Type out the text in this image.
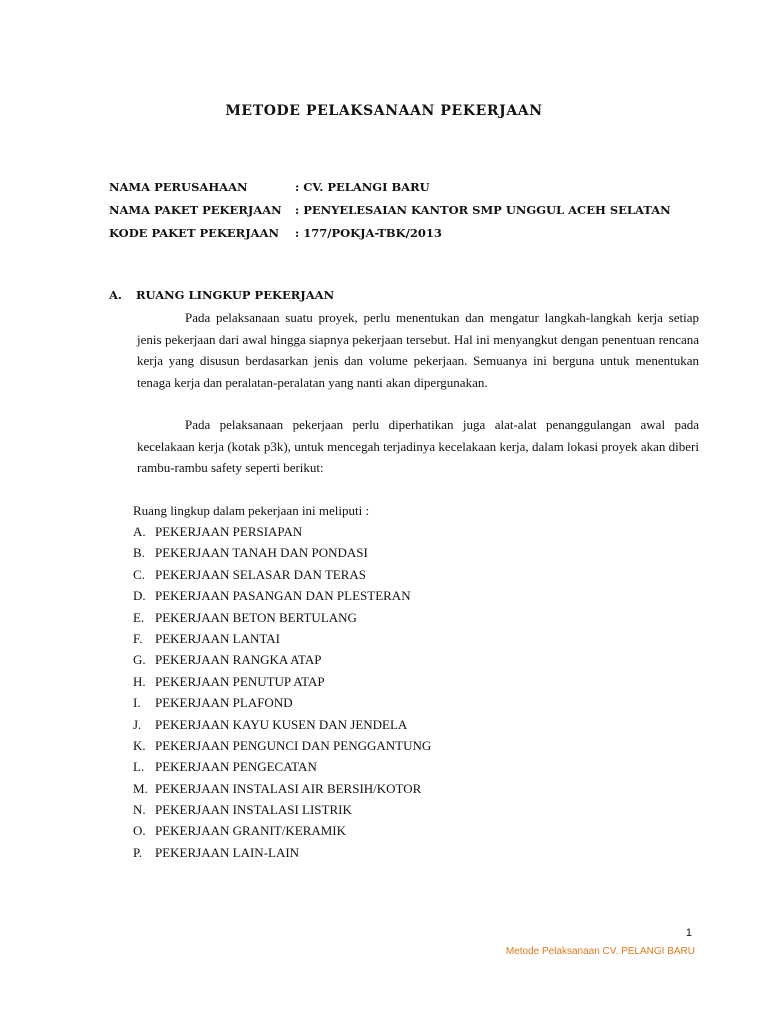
METODE PELAKSANAAN PEKERJAAN
NAMA PERUSAHAAN	: CV. PELANGI BARU
NAMA PAKET PEKERJAAN	: PENYELESAIAN KANTOR SMP UNGGUL ACEH SELATAN
KODE PAKET PEKERJAAN	: 177/POKJA-TBK/2013
A.	RUANG LINGKUP PEKERJAAN
Pada pelaksanaan suatu proyek, perlu menentukan dan mengatur langkah-langkah kerja setiap jenis pekerjaan dari awal hingga siapnya pekerjaan tersebut. Hal ini menyangkut dengan penentuan rencana kerja yang disusun berdasarkan jenis dan volume pekerjaan. Semuanya ini berguna untuk menentukan tenaga kerja dan peralatan-peralatan yang nanti akan dipergunakan.
Pada pelaksanaan pekerjaan perlu diperhatikan juga alat-alat penanggulangan awal pada kecelakaan kerja (kotak p3k), untuk mencegah terjadinya kecelakaan kerja, dalam lokasi proyek akan diberi rambu-rambu safety seperti berikut:
Ruang lingkup dalam pekerjaan ini meliputi :
A. PEKERJAAN PERSIAPAN
B. PEKERJAAN TANAH DAN PONDASI
C. PEKERJAAN SELASAR DAN TERAS
D. PEKERJAAN PASANGAN DAN PLESTERAN
E. PEKERJAAN BETON BERTULANG
F. PEKERJAAN LANTAI
G. PEKERJAAN RANGKA ATAP
H. PEKERJAAN PENUTUP ATAP
I.	PEKERJAAN PLAFOND
J.	PEKERJAAN KAYU KUSEN DAN JENDELA
K. PEKERJAAN PENGUNCI DAN PENGGANTUNG
L. PEKERJAAN PENGECATAN
M. PEKERJAAN INSTALASI AIR BERSIH/KOTOR
N. PEKERJAAN INSTALASI LISTRIK
O. PEKERJAAN GRANIT/KERAMIK
P. PEKERJAAN LAIN-LAIN
1
Metode Pelaksanaan CV. PELANGI BARU
